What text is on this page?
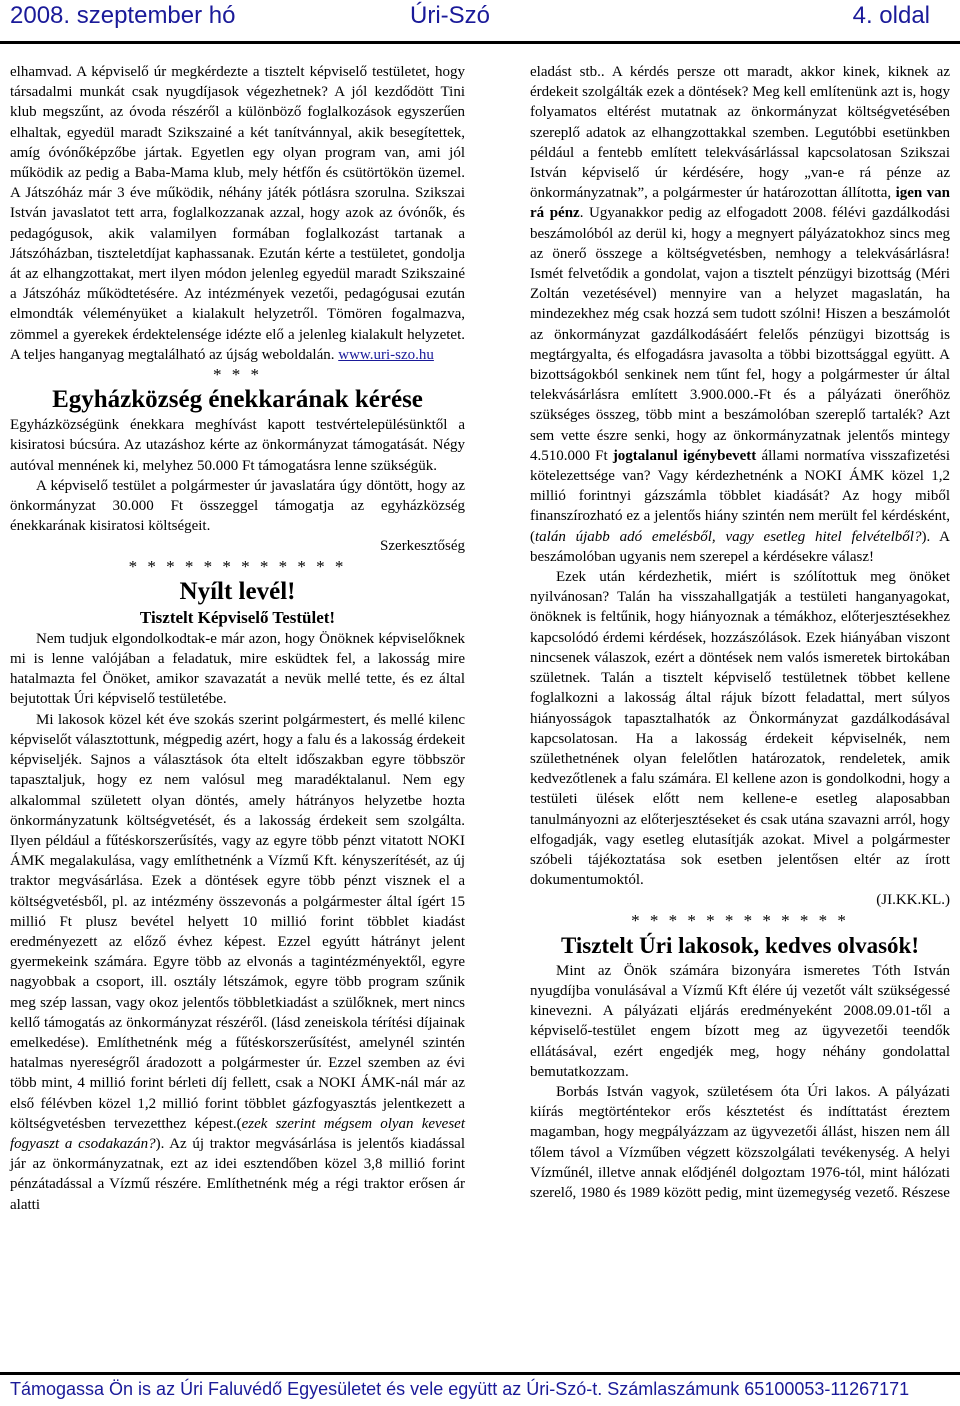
2008. szeptember hó	Úri-Szó	4. oldal

elhamvad. A képviselő úr megkérdezte a tisztelt képviselő testületet, hogy társadalmi munkát csak nyugdíjasok végezhetnek? A jól kezdődött Tini klub megszűnt, az óvoda részéről a különböző foglalkozások egyszerűen elhaltak, egyedül maradt Szikszainé a két tanítvánnyal, akik besegítettek, amíg óvónőképzőbe jártak. Egyetlen egy olyan program van, ami jól működik az pedig a Baba-Mama klub, mely hétfőn és csütörtökön üzemel. A Játszóház már 3 éve működik, néhány játék pótlásra szorulna. Szikszai István javaslatot tett arra, foglalkozzanak azzal, hogy azok az óvónők, és pedagógusok, akik valamilyen formában foglalkozást tartanak a Játszóházban, tiszteletdíjat kaphassanak. Ezután kérte a testületet, gondolja át az elhangzottakat, mert ilyen módon jelenleg egyedül maradt Szikszainé a Játszóház működtetésére. Az intézmények vezetői, pedagógusai ezután elmondták véleményüket a kialakult helyzetről. Tömören fogalmazva, zömmel a gyerekek érdektelensége idézte elő a jelenleg kialakult helyzetet. A teljes hanganyag megtalálható az újság weboldalán. www.uri-szo.hu

* * *

Egyházközség énekkarának kérése

Egyházközségünk énekkara meghívást kapott testvértelepülésünktől a kisiratosi búcsúra. Az utazáshoz kérte az önkormányzat támogatását. Négy autóval mennének ki, melyhez 50.000 Ft támogatásra lenne szükségük.

A képviselő testület a polgármester úr javaslatára úgy döntött, hogy az önkormányzat 30.000 Ft összeggel támogatja az egyházközség énekkarának kisiratosi költségeit.

Szerkesztőség

* * * * * * * * * * * *

Nyílt levél!

Tisztelt Képviselő Testület!

Nem tudjuk elgondolkodtak-e már azon, hogy Önöknek képviselőknek mi is lenne valójában a feladatuk, mire esküdtek fel, a lakosság mire hatalmazta fel Önöket, amikor szavazatát a nevük mellé tette, és ez által bejutottak Úri képviselő testületébe.

Mi lakosok közel két éve szokás szerint polgármestert, és mellé kilenc képviselőt választottunk, mégpedig azért, hogy a falu és a lakosság érdekeit képviseljék. Sajnos a választások óta eltelt időszakban egyre többször tapasztaljuk, hogy ez nem valósul meg maradéktalanul. Nem egy alkalommal született olyan döntés, amely hátrányos helyzetbe hozta önkormányzatunk költségvetését, és a lakosság érdekeit sem szolgálta. Ilyen például a fűtéskorszerűsítés, vagy az egyre több pénzt vitatott NOKI ÁMK megalakulása, vagy említhetnénk a Vízmű Kft. kényszerítését, az új traktor megvásárlása. Ezek a döntések egyre több pénzt visznek el a költségvetésből, pl. az intézmény összevonás a polgármester által ígért 15 millió Ft plusz bevétel helyett 10 millió forint többlet kiadást eredményezett az előző évhez képest. Ezzel egyútt hátrányt jelent gyermekeink számára. Egyre több az elvonás a tagintézményektől, egyre nagyobbak a csoport, ill. osztály létszámok, egyre több program szűnik meg szép lassan, vagy okoz jelentős többletkiadást a szülőknek, mert nincs kellő támogatás az önkormányzat részéről. (lásd zeneiskola térítési díjainak emelkedése). Említhetnénk még a fűtéskorszerűsítést, amelynél szintén hatalmas nyereségről áradozott a polgármester úr. Ezzel szemben az évi több mint, 4 millió forint bérleti díj fellett, csak a NOKI ÁMK-nál már az első félévben közel 1,2 millió forint többlet gázfogyasztás jelentkezett a költségvetésben tervezetthez képest.(ezek szerint mégsem olyan keveset fogyaszt a csodakazán?). Az új traktor megvásárlása is jelentős kiadással jár az önkormányzatnak, ezt az idei esztendőben közel 3,8 millió forint pénzátadással a Vízmű részére. Említhetnénk még a régi traktor erősen ár alatti

eladást stb.. A kérdés persze ott maradt, akkor kinek, kiknek az érdekeit szolgálták ezek a döntések? Meg kell említenünk azt is, hogy folyamatos eltérést mutatnak az önkormányzat költségvetésében szereplő adatok az elhangzottakkal szemben. Legutóbbi esetünkben például a fentebb említett telekvásárlással kapcsolatosan Szikszai István képviselő úr kérdésére, hogy „van-e rá pénze az önkormányzatnak”, a polgármester úr határozottan állította, igen van rá pénz. Ugyanakkor pedig az elfogadott 2008. félévi gazdálkodási beszámolóból az derül ki, hogy a megnyert pályázatokhoz sincs meg az önerő összege a költségvetésben, nemhogy a telekvásárlásra! Ismét felvetődik a gondolat, vajon a tisztelt pénzügyi bizottság (Méri Zoltán vezetésével) mennyire van a helyzet magaslatán, ha mindezekhez még csak hozzá sem tudott szólni! Hiszen a beszámolót az önkormányzat gazdálkodásáért felelős pénzügyi bizottság is megtárgyalta, és elfogadásra javasolta a többi bizottsággal együtt. A bizottságokból senkinek nem tűnt fel, hogy a polgármester úr által telekvásárlásra említett 3.900.000.-Ft és a pályázati önerőhöz szükséges összeg, több mint a beszámolóban szereplő tartalék? Azt sem vette észre senki, hogy az önkormányzatnak jelentős mintegy 4.510.000 Ft jogtalanul igénybevett állami normatíva visszafizetési kötelezettsége van? Vagy kérdezhetnénk a NOKI ÁMK közel 1,2 millió forintnyi gázszámla többlet kiadását? Az hogy miből finanszírozható ez a jelentős hiány szintén nem merült fel kérdésként, (talán újabb adó emelésből, vagy esetleg hitel felvételből?). A beszámolóban ugyanis nem szerepel a kérdésekre válasz!

Ezek után kérdezhetik, miért is szólítottuk meg önöket nyilvánosan? Talán ha visszahallgatják a testületi hanganyagokat, önöknek is feltűnik, hogy hiányoznak a témákhoz, előterjesztésekhez kapcsolódó érdemi kérdések, hozzászólások. Ezek hiányában viszont nincsenek válaszok, ezért a döntések nem valós ismeretek birtokában születnek. Talán a tisztelt képviselő testületnek többet kellene foglalkozni a lakosság által rájuk bízott feladattal, mert súlyos hiányosságok tapasztalhatók az Önkormányzat gazdálkodásával kapcsolatosan. Ha a lakosság érdekeit képviselnék, nem születhetnének olyan felelőtlen határozatok, rendeletek, amik kedvezőtlenek a falu számára. El kellene azon is gondolkodni, hogy a testületi ülések előtt nem kellene-e esetleg alaposabban tanulmányozni az előterjesztéseket és csak utána szavazni arról, hogy elfogadják, vagy esetleg elutasítják azokat. Mivel a polgármester szóbeli tájékoztatása sok esetben jelentősen eltér az írott dokumentumoktól.

(JI.KK.KL.)

* * * * * * * * * * * *

Tisztelt Úri lakosok, kedves olvasók!

Mint az Önök számára bizonyára ismeretes Tóth István nyugdíjba vonulásával a Vízmű Kft élére új vezetőt vált szükségessé kinevezni. A pályázati eljárás eredményeként 2008.09.01-től a képviselő-testület engem bízott meg az ügyvezetői teendők ellátásával, ezért engedjék meg, hogy néhány gondolattal bemutatkozzam.

Borbás István vagyok, születésem óta Úri lakos. A pályázati kiírás megtörténtekor erős késztetést és indíttatást éreztem magamban, hogy megpályázzam az ügyvezetői állást, hiszen nem áll tőlem távol a Vízműben végzett közszolgálati tevékenység. A helyi Vízműnél, illetve annak elődjénél dolgoztam 1976-tól, mint hálózati szerelő, 1980 és 1989 között pedig, mint üzemegység vezető. Részese

Támogassa Ön is az Úri Faluvédő Egyesületet és vele együtt az Úri-Szó-t. Számlaszámunk 65100053-11267171
